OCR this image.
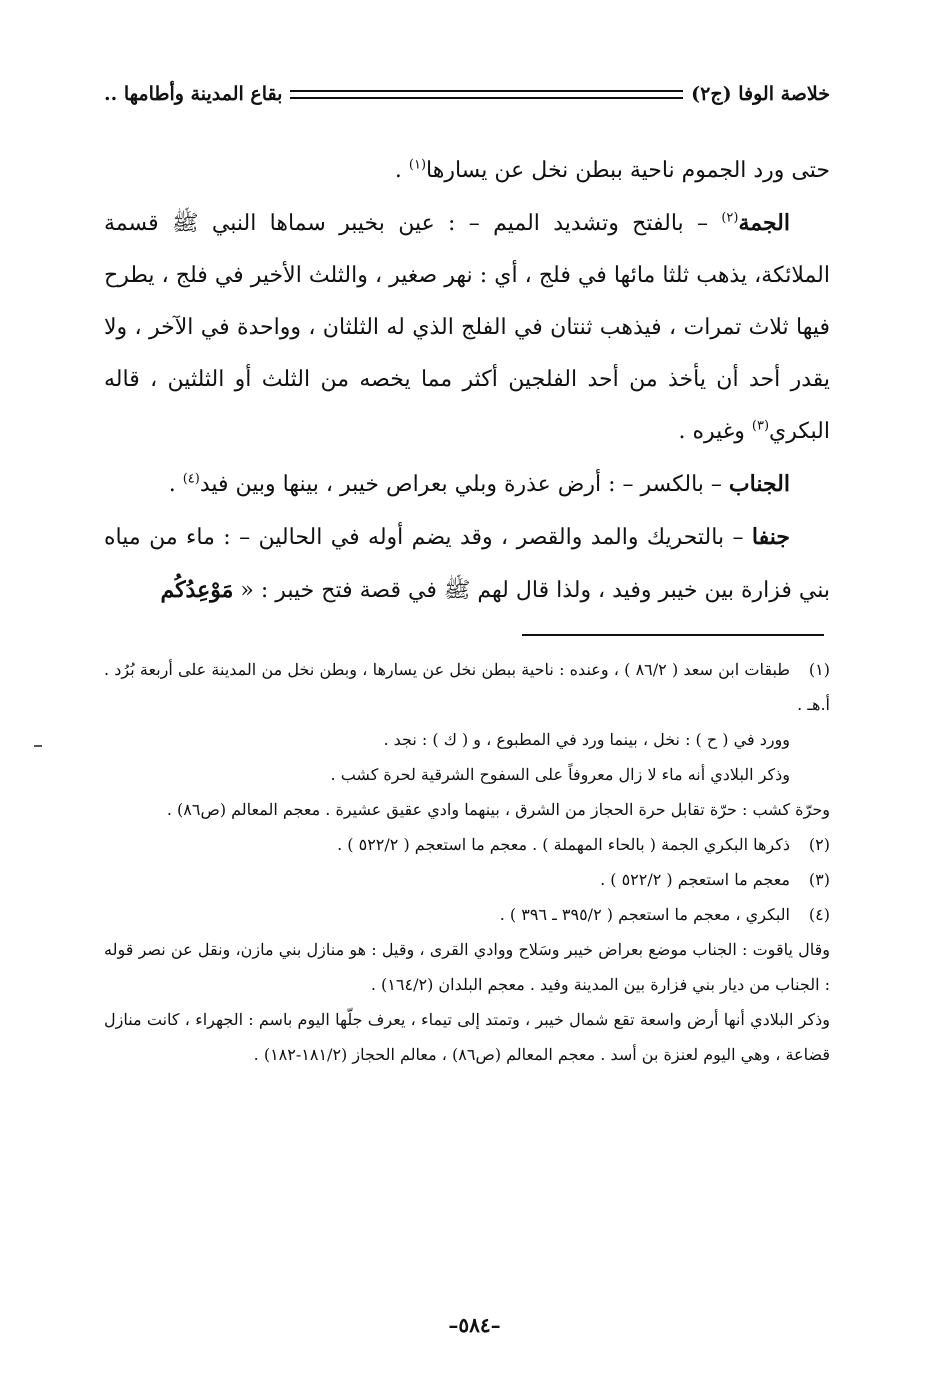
خلاصة الوفا (ج٢)
بقاع المدينة وأطامها ..

حتى ورد الجموم ناحية ببطن نخل عن يسارها$^{(١)}$ .

الجمة$^{(٢)}$ – بالفتح وتشديد الميم – : عين بخيبر سماها النبي ﷺ قسمة الملائكة، يذهب ثلثا مائها في فلج ، أي : نهر صغير ، والثلث الأخير في فلج ، يطرح فيها ثلاث تمرات ، فيذهب ثنتان في الفلج الذي له الثلثان ، وواحدة في الآخر ، ولا يقدر أحد أن يأخذ من أحد الفلجين أكثر مما يخصه من الثلث أو الثلثين ، قاله البكري$^{(٣)}$ وغيره .

الجناب – بالكسر – : أرض عذرة وبلي بعراص خيبر ، بينها وبين فيد$^{(٤)}$ .

جنفا – بالتحريك والمد والقصر ، وقد يضم أوله في الحالين – : ماء من مياه بني فزارة بين خيبر وفيد ، ولذا قال لهم ﷺ في قصة فتح خيبر : « مَوْعِدُكُم

(١)طبقات ابن سعد ( ٨٦/٢ ) ، وعنده : ناحية ببطن نخل عن يسارها ، وبطن نخل من المدينة على أربعة بُرُد . أ.هـ .

وورد في ( ح ) : نخل ، بينما ورد في المطبوع ، و ( ك ) : نجد .

وذكر البلادي أنه ماء لا زال معروفاً على السفوح الشرقية لحرة كشب .

وحرّة كشب : حرّة تقابل حرة الحجاز من الشرق ، بينهما وادي عقيق عشيرة . معجم المعالم (ص٨٦) .

(٢)ذكرها البكري الجمة ( بالحاء المهملة ) . معجم ما استعجم ( ٥٢٢/٢ ) .

(٣)معجم ما استعجم ( ٥٢٢/٢ ) .

(٤)البكري ، معجم ما استعجم ( ٣٩٥/٢ ـ ٣٩٦ ) .

وقال ياقوت : الجناب موضع بعراض خيبر وسَلاح ووادي القرى ، وقيل : هو منازل بني مازن، ونقل عن نصر قوله : الجناب من ديار بني فزارة بين المدينة وفيد . معجم البلدان (١٦٤/٢) .

وذكر البلادي أنها أرض واسعة تقع شمال خيبر ، وتمتد إلى تيماء ، يعرف جلّها اليوم باسم : الجهراء ، كانت منازل قضاعة ، وهي اليوم لعنزة بن أسد . معجم المعالم (ص٨٦) ، معالم الحجاز (١٨١/٢-١٨٢) .

–٥٨٤–
